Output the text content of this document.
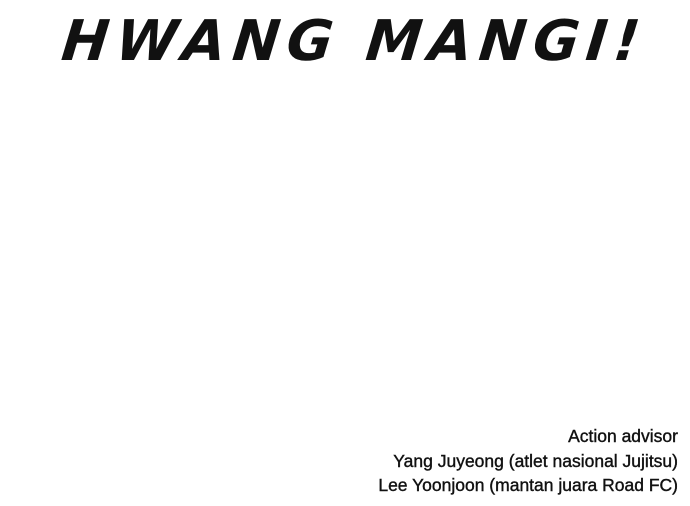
HWANG MANGI!
Action advisor
Yang Juyeong (atlet nasional Jujitsu)
Lee Yoonjoon (mantan juara Road FC)
